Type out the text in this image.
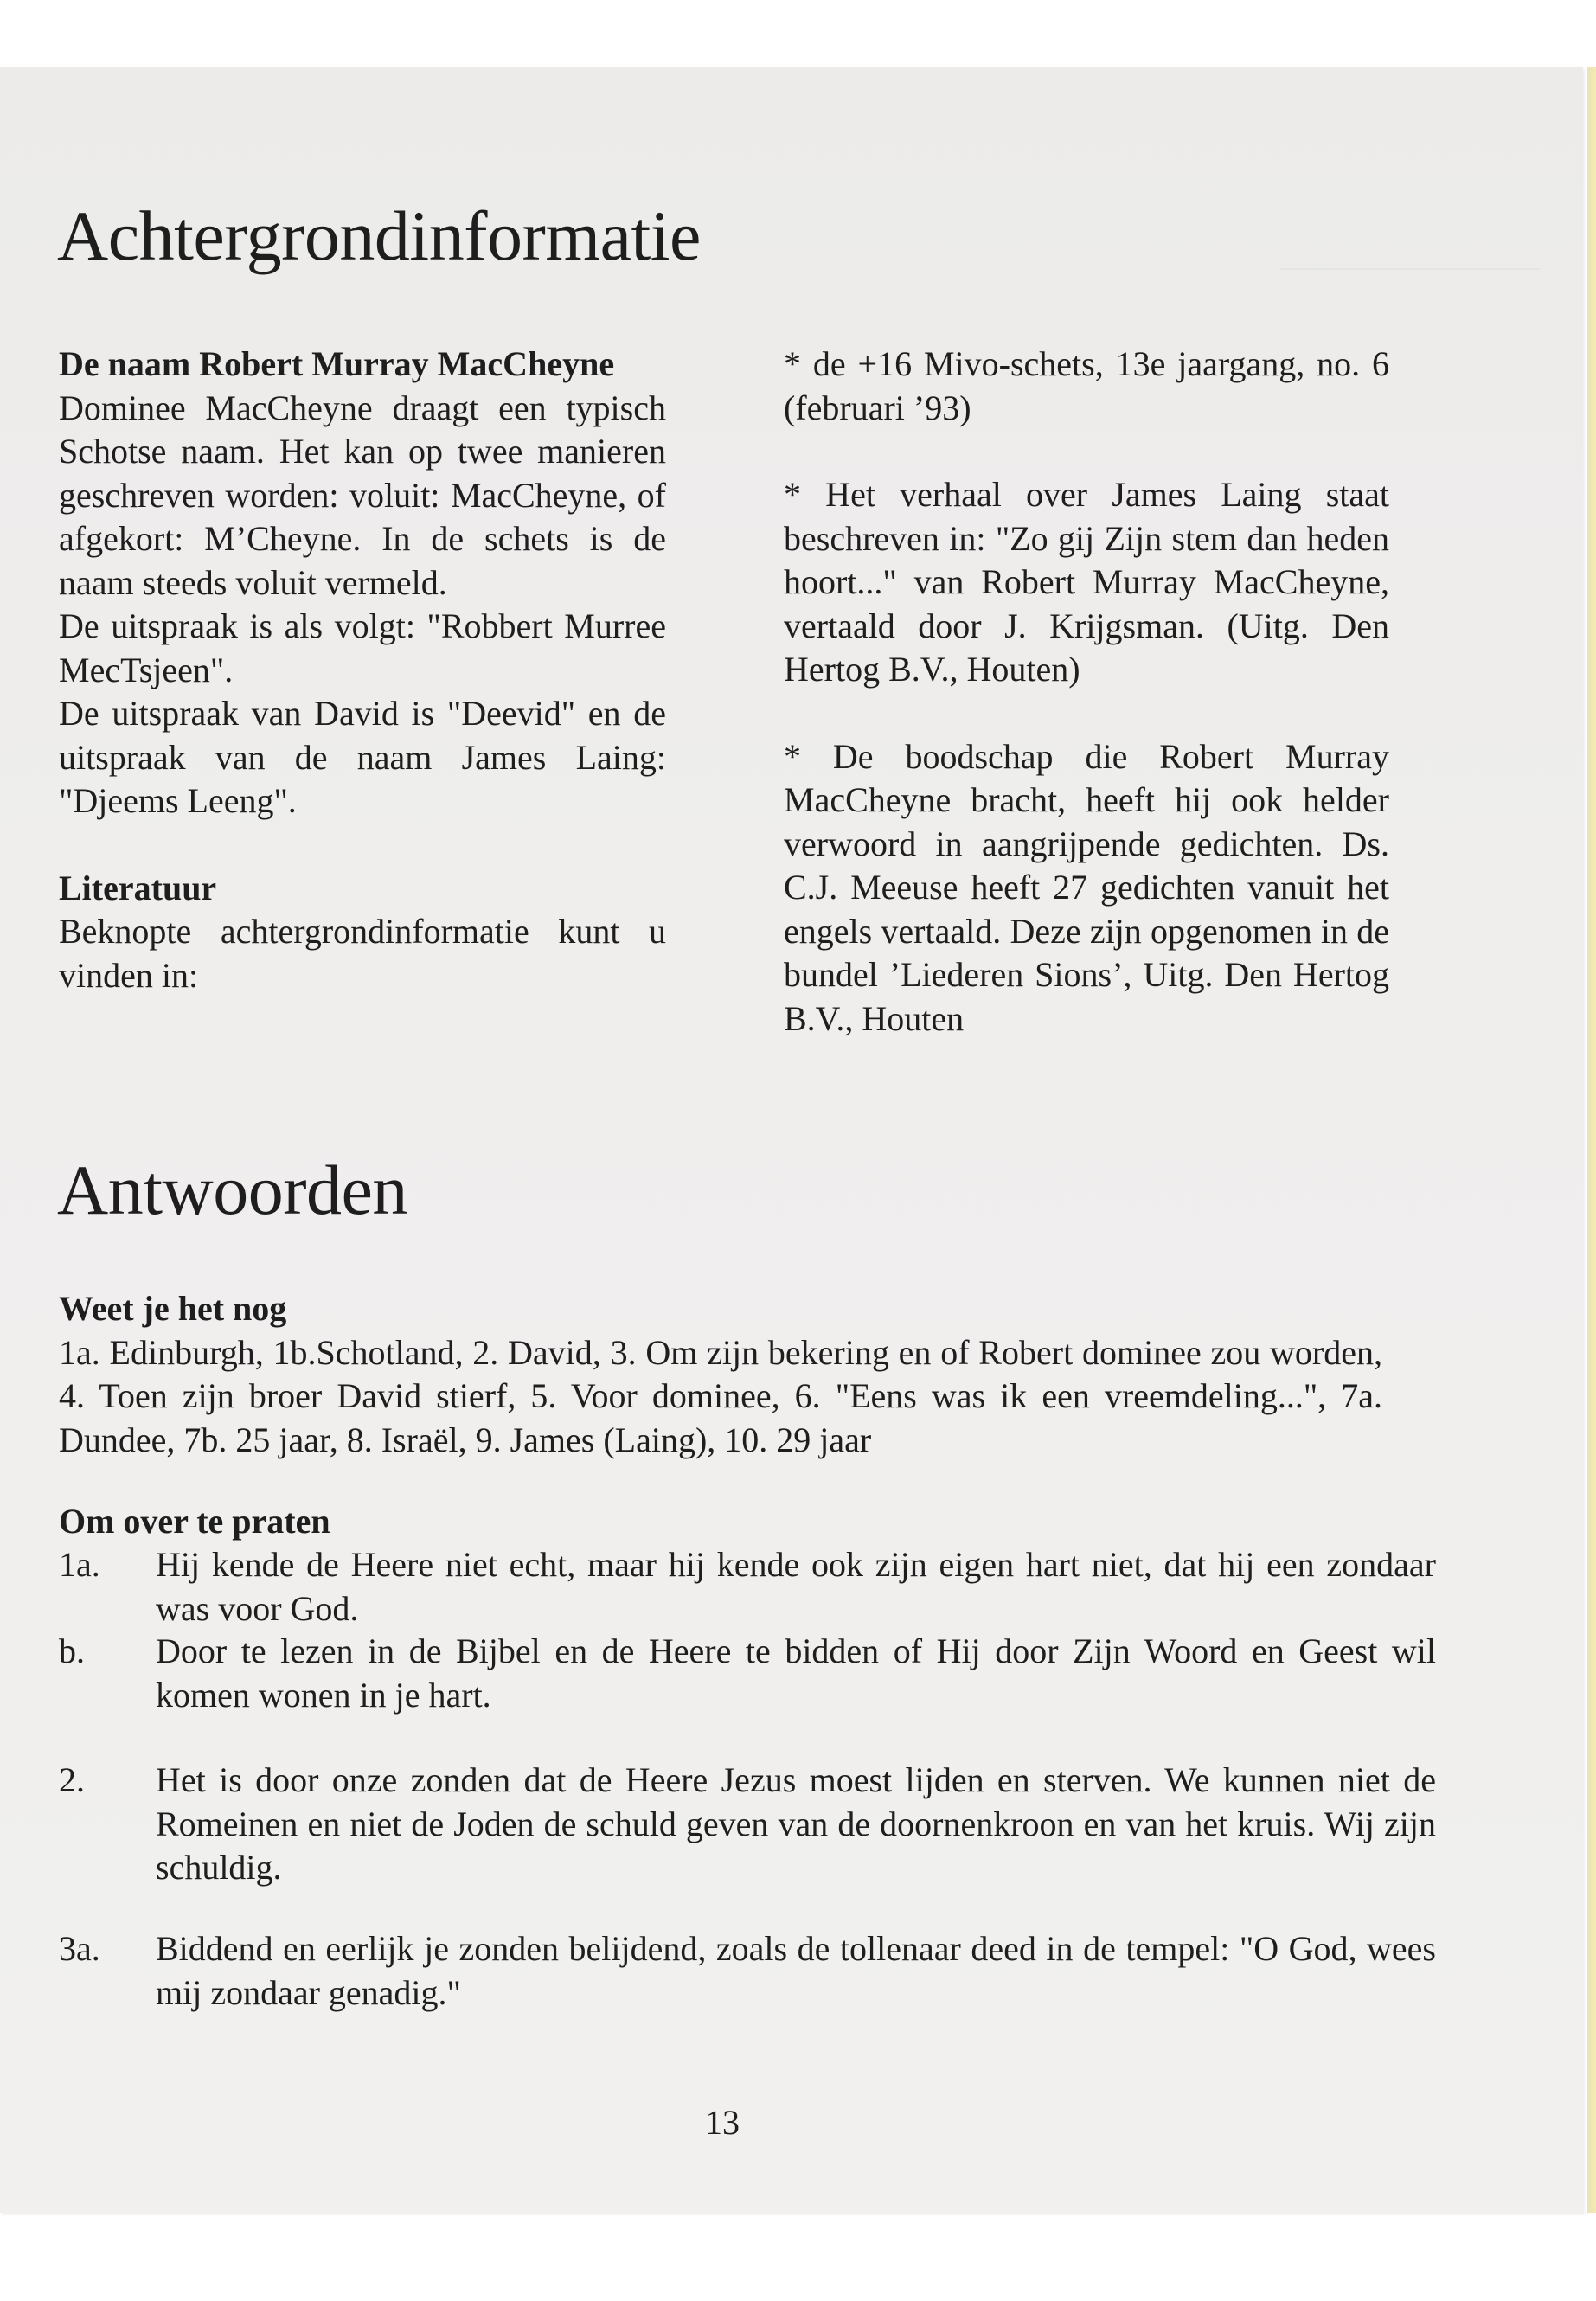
Achtergrondinformatie

De naam Robert Murray MacCheyne

Dominee MacCheyne draagt een typisch Schotse naam. Het kan op twee manieren geschreven worden: voluit: MacCheyne, of afgekort: M’Cheyne. In de schets is de naam steeds voluit vermeld.

De uitspraak is als volgt: "Robbert Murree MecTsjeen".

De uitspraak van David is "Deevid" en de uitspraak van de naam James Laing: "Djeems Leeng".

Literatuur

Beknopte achtergrondinformatie kunt u vinden in:

* de +16 Mivo-schets, 13e jaargang, no. 6 (februari ’93)

* Het verhaal over James Laing staat beschreven in: "Zo gij Zijn stem dan heden hoort..." van Robert Murray MacCheyne, vertaald door J. Krijgsman. (Uitg. Den Hertog B.V., Houten)

* De boodschap die Robert Murray MacCheyne bracht, heeft hij ook helder verwoord in aangrijpende gedichten. Ds. C.J. Meeuse heeft 27 gedichten vanuit het engels vertaald. Deze zijn opgenomen in de bundel ’Liederen Sions’, Uitg. Den Hertog B.V., Houten

Antwoorden

Weet je het nog

1a. Edinburgh, 1b.Schotland, 2. David, 3. Om zijn bekering en of Robert dominee zou worden, 4. Toen zijn broer David stierf, 5. Voor dominee, 6. "Eens was ik een vreemdeling...", 7a. Dundee, 7b. 25 jaar, 8. Israël, 9. James (Laing), 10. 29 jaar

Om over te praten

1a. Hij kende de Heere niet echt, maar hij kende ook zijn eigen hart niet, dat hij een zondaar was voor God.
b. Door te lezen in de Bijbel en de Heere te bidden of Hij door Zijn Woord en Geest wil komen wonen in je hart.
2. Het is door onze zonden dat de Heere Jezus moest lijden en sterven. We kunnen niet de Romeinen en niet de Joden de schuld geven van de doornenkroon en van het kruis. Wij zijn schuldig.
3a. Biddend en eerlijk je zonden belijdend, zoals de tollenaar deed in de tempel: "O God, wees mij zondaar genadig."
13
